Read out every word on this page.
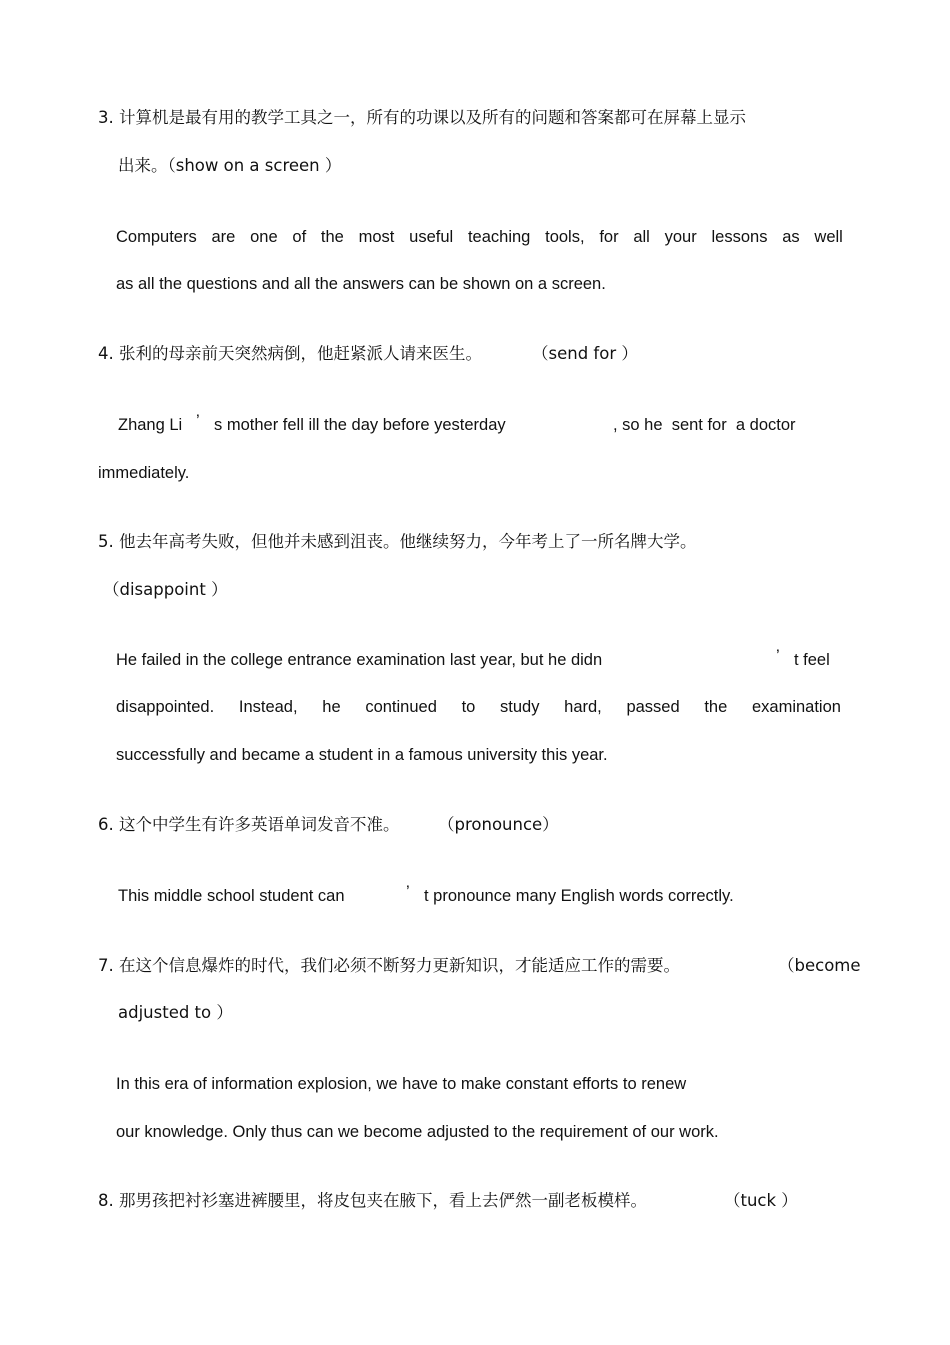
3. 计算机是最有用的教学工具之一，所有的功课以及所有的问题和答案都可在屏幕上显示
出来。（show on a screen ）
Computers are one of the most useful teaching tools, for all your lessons as well
as all the questions and all the answers can be shown on a screen.
4. 张利的母亲前天突然病倒，他赶紧派人请来医生。	（send for ）
Zhang Li ’ s mother fell ill the day before yesterday	, so he  sent for  a doctor
immediately.
5. 他去年高考失败，但他并未感到沮丧。他继续努力，今年考上了一所名牌大学。
（disappoint ）
He failed in the college entrance examination last year, but he didn	’ t feel
disappointed. Instead, he continued to study hard, passed the examination
successfully and became a student in a famous university this year.
6. 这个中学生有许多英语单词发音不准。 （pronounce）
This middle school student can	’ t pronounce many English words correctly.
7. 在这个信息爆炸的时代，我们必须不断努力更新知识，才能适应工作的需要。	（become
adjusted to ）
In this era of information explosion, we have to make constant efforts to renew
our knowledge. Only thus can we become adjusted to the requirement of our work.
8. 那男孩把衬衫塞进裤腰里，将皮包夹在腋下，看上去俨然一副老板模样。	（tuck ）
